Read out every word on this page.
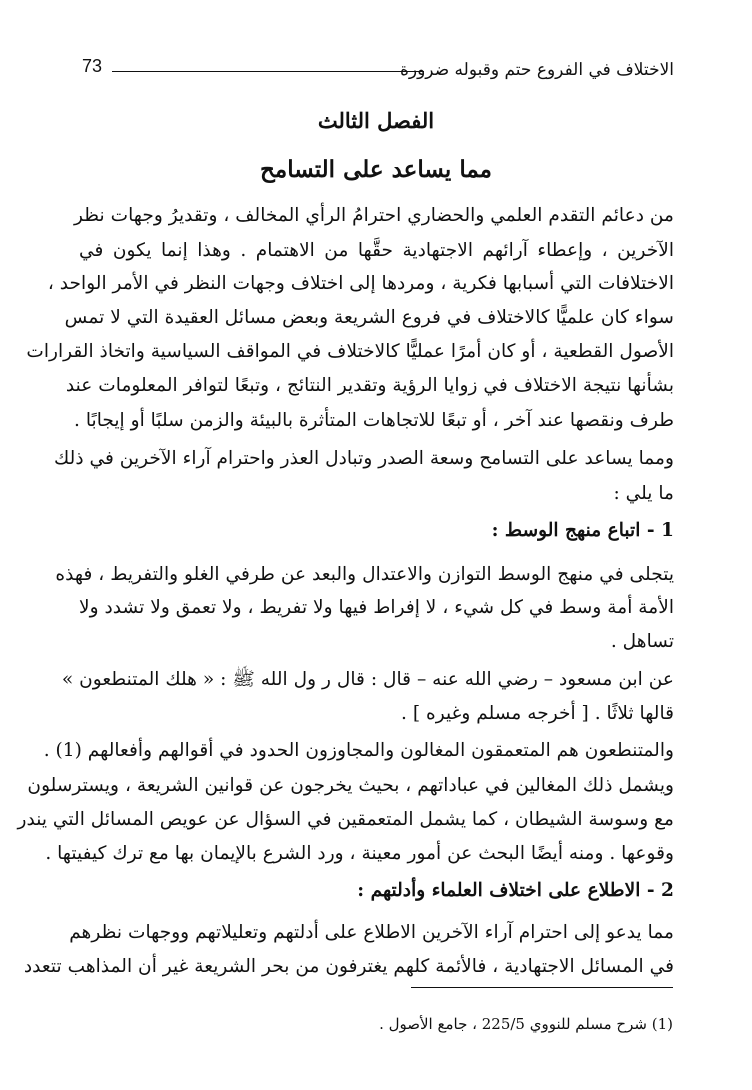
الاختلاف في الفروع حتم وقبوله ضرورة
73
الفصل الثالث
مما يساعد على التسامح
من دعائم التقدم العلمي والحضاري احترامُ الرأي المخالف ، وتقديرُ وجهات نظر
الآخرين ، وإعطاء آرائهم الاجتهادية حقَّها من الاهتمام . وهذا إنما يكون في
الاختلافات التي أسبابها فكرية ، ومردها إلى اختلاف وجهات النظر في الأمر الواحد ،
سواء كان علميًّا كالاختلاف في فروع الشريعة وبعض مسائل العقيدة التي لا تمس
الأصول القطعية ، أو كان أمرًا عمليًّا كالاختلاف في المواقف السياسية واتخاذ القرارات
بشأنها نتيجة الاختلاف في زوايا الرؤية وتقدير النتائج ، وتبعًا لتوافر المعلومات عند
طرف ونقصها عند آخر ، أو تبعًا للاتجاهات المتأثرة بالبيئة والزمن سلبًا أو إيجابًا .
ومما يساعد على التسامح وسعة الصدر وتبادل العذر واحترام آراء الآخرين في ذلك
ما يلي :
1 - اتباع منهج الوسط :
يتجلى في منهج الوسط التوازن والاعتدال والبعد عن طرفي الغلو والتفريط ، فهذه
الأمة أمة وسط في كل شيء ، لا إفراط فيها ولا تفريط ، ولا تعمق ولا تشدد ولا
تساهل .
عن ابن مسعود – رضي الله عنه – قال : قال ر ول الله ﷺ : « هلك المتنطعون »
قالها ثلاثًا . [ أخرجه مسلم وغيره ] .
والمتنطعون هم المتعمقون المغالون والمجاوزون الحدود في أقوالهم وأفعالهم (1) .
ويشمل ذلك المغالين في عباداتهم ، بحيث يخرجون عن قوانين الشريعة ، ويسترسلون
مع وسوسة الشيطان ، كما يشمل المتعمقين في السؤال عن عويص المسائل التي يندر
وقوعها . ومنه أيضًا البحث عن أمور معينة ، ورد الشرع بالإيمان بها مع ترك كيفيتها .
2 - الاطلاع على اختلاف العلماء وأدلتهم :
مما يدعو إلى احترام آراء الآخرين الاطلاع على أدلتهم وتعليلاتهم ووجهات نظرهم
في المسائل الاجتهادية ، فالأئمة كلهم يغترفون من بحر الشريعة غير أن المذاهب تتعدد
(1) شرح مسلم للنووي 225/5 ، جامع الأصول .
